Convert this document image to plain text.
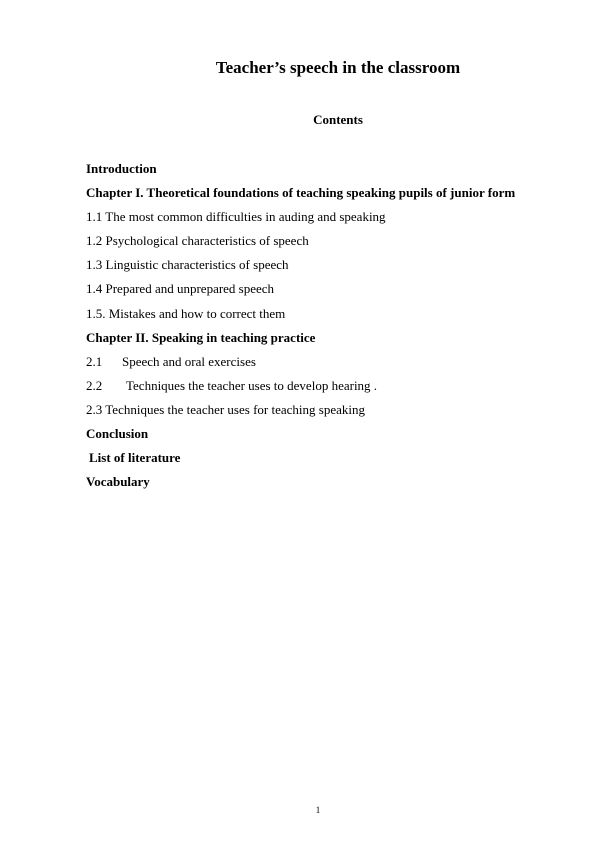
Teacher’s speech in the classroom
Contents
Introduction
Chapter I. Theoretical foundations of teaching speaking pupils of junior form
1.1 The most common difficulties in auding and speaking
1.2 Psychological characteristics of speech
1.3 Linguistic characteristics of speech
1.4 Prepared and unprepared speech
1.5. Mistakes and how to correct them
Chapter II. Speaking in teaching practice
2.1 Speech and oral exercises
2.2 Techniques the teacher uses to develop hearing .
2.3 Techniques the teacher uses for teaching speaking
Conclusion
List of literature
Vocabulary
1
